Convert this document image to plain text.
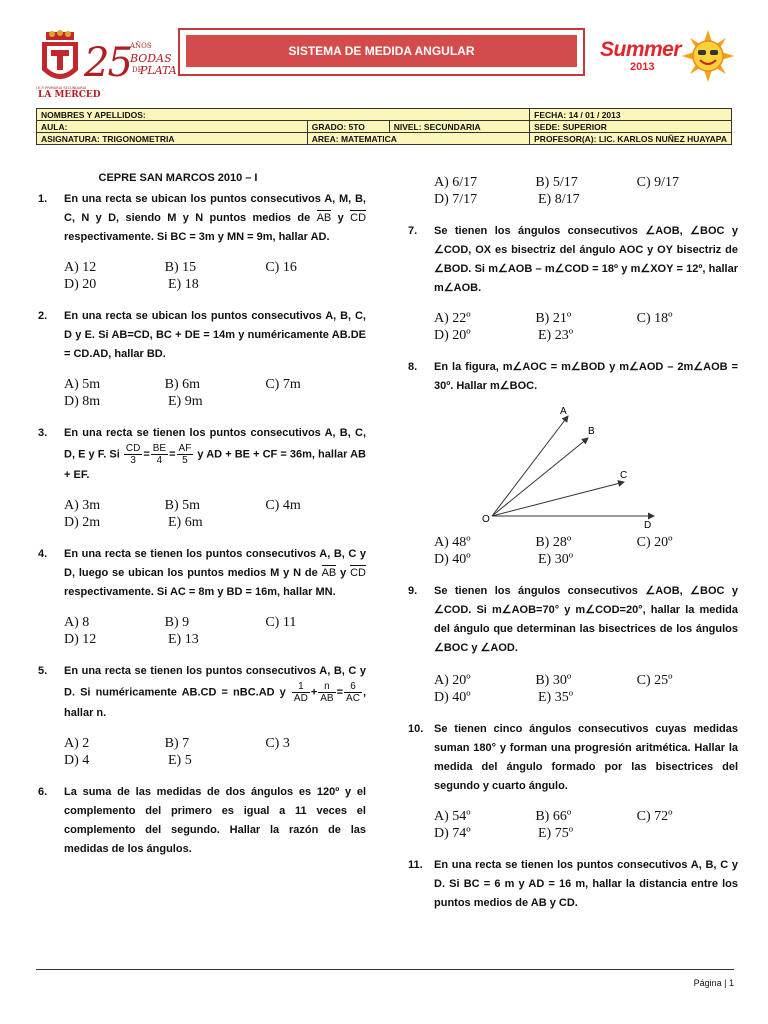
25 AÑOS
BODAS
DE
PLATA
I.E.P. PRIMARIA SECUNDARIA
LA MERCED
SISTEMA DE MEDIDA ANGULAR	Summer
2013
NOMBRES Y APELLIDOS:			FECHA: 14 / 01 / 2013
AULA:	GRADO: 5TO	NIVEL: SECUNDARIA	SEDE: SUPERIOR
ASIGNATURA: TRIGONOMETRIA	AREA: MATEMATICA		PROFESOR(A): LIC. KARLOS NUÑEZ HUAYAPA
CEPRE SAN MARCOS 2010 – I
1.	En una recta se ubican los puntos consecutivos A, M, B, C, N y D, siendo M y N puntos medios de AB y CD respectivamente. Si BC = 3m y MN = 9m, hallar AD.
A) 12	B) 15	C) 16
D) 20	E) 18
2.	En una recta se ubican los puntos consecutivos A, B, C, D y E. Si AB=CD, BC + DE = 14m y numéricamente AB.DE = CD.AD, hallar BD.
A) 5m	B) 6m	C) 7m
D) 8m	E) 9m
3.	En una recta se tienen los puntos consecutivos A, B, C, D, E y F. Si $\frac{CD}{3} = \frac{BE}{4} = \frac{AF}{5}$ y AD + BE + CF = 36m, hallar AB + EF.
A) 3m	B) 5m	C) 4m
D) 2m	E) 6m
4.	En una recta se tienen los puntos consecutivos A, B, C y D, luego se ubican los puntos medios M y N de AB y CD respectivamente. Si AC = 8m y BD = 16m, hallar MN.
A) 8	B) 9	C) 11
D) 12	E) 13
5.	En una recta se tienen los puntos consecutivos A, B, C y D. Si numéricamente AB.CD = nBC.AD y $\frac{1}{AD} + \frac{n}{AB} = \frac{6}{AC}$ , hallar n.
A) 2	B) 7	C) 3
D) 4	E) 5
6.	La suma de las medidas de dos ángulos es 120º y el complemento del primero es igual a 11 veces el complemento del segundo. Hallar la razón de las medidas de los ángulos.
A) 6/17	B) 5/17	C) 9/17
D) 7/17	E) 8/17
7.	Se tienen los ángulos consecutivos ∠AOB, ∠BOC y ∠COD, OX es bisectriz del ángulo AOC y OY bisectriz de ∠BOD. Si m∠AOB – m∠COD = 18º y m∠XOY = 12º, hallar m∠AOB.
A) 22º	B) 21º	C) 18º
D) 20º	E) 23º
8.	En la figura, m∠AOC = m∠BOD y m∠AOD – 2m∠AOB = 30º. Hallar m∠BOC.
A
B
C
D
O
A) 48º	B) 28º	C) 20º
D) 40º	E) 30º
9.	Se tienen los ángulos consecutivos ∠AOB, ∠BOC y ∠COD. Si m∠AOB=70° y m∠COD=20°, hallar la medida del ángulo que determinan las bisectrices de los ángulos ∠BOC y ∠AOD.
A) 20º	B) 30º	C) 25º
D) 40º	E) 35º
10. Se tienen cinco ángulos consecutivos cuyas medidas suman 180° y forman una progresión aritmética. Hallar la medida del ángulo formado por las bisectrices del segundo y cuarto ángulo.
A) 54º	B) 66º	C) 72º
D) 74º	E) 75º
11.	En una recta se tienen los puntos consecutivos A, B, C y D. Si BC = 6 m y AD = 16 m, hallar la distancia entre los puntos medios de AB y CD.
Página | 1
